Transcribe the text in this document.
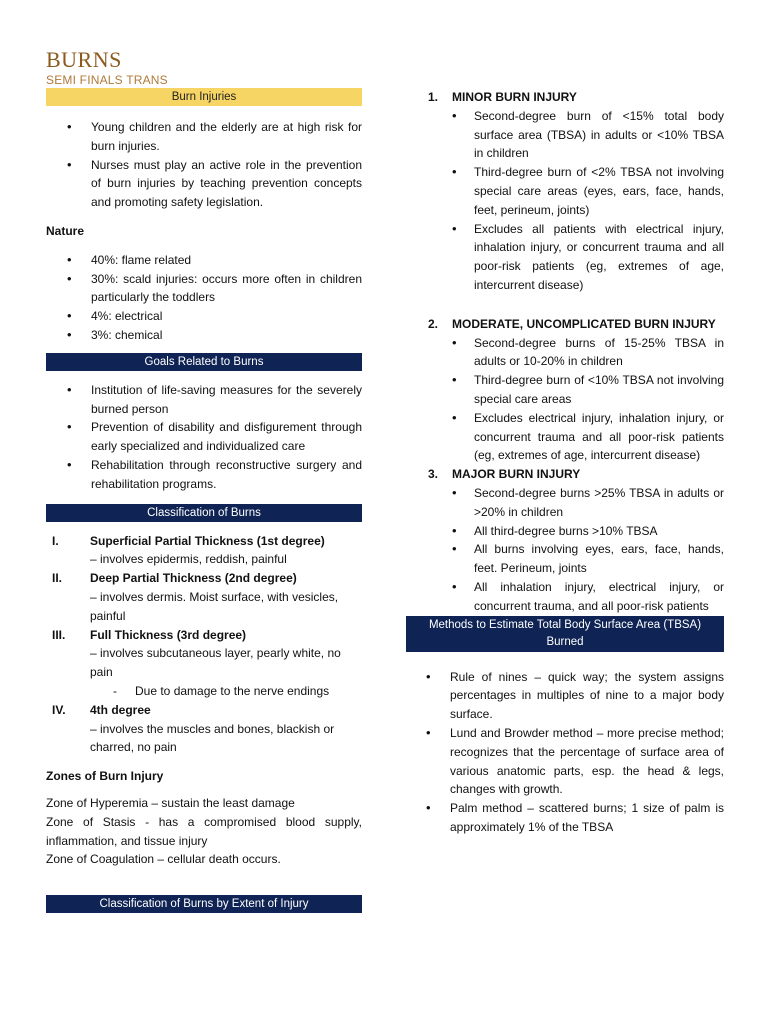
BURNS
SEMI FINALS TRANS
Burn Injuries
• Young children and the elderly are at high risk for burn injuries.
• Nurses must play an active role in the prevention of burn injuries by teaching prevention concepts and promoting safety legislation.

Nature

• 40%: flame related
• 30%: scald injuries: occurs more often in children particularly the toddlers
• 4%: electrical
• 3%: chemical
Goals Related to Burns
• Institution of life-saving measures for the severely burned person
• Prevention of disability and disfigurement through early specialized and individualized care
• Rehabilitation through reconstructive surgery and rehabilitation programs.
Classification of Burns
I.	Superficial Partial Thickness (1st degree)
– involves epidermis, reddish, painful
II. Deep Partial Thickness (2nd degree)
– involves dermis. Moist surface, with vesicles, painful
III. Full Thickness (3rd degree)
– involves subcutaneous layer, pearly white, no pain
- Due to damage to the nerve endings
IV. 4th degree
– involves the muscles and bones, blackish or charred, no pain

Zones of Burn Injury

Zone of Hyperemia – sustain the least damage
Zone of Stasis - has a compromised blood supply, inflammation, and tissue injury
Zone of Coagulation – cellular death occurs.
Classification of Burns by Extent of Injury
1. MINOR BURN INJURY
• Second-degree burn of <15% total body surface area (TBSA) in adults or <10% TBSA in children
• Third-degree burn of <2% TBSA not involving special care areas (eyes, ears, face, hands, feet, perineum, joints)
• Excludes all patients with electrical injury, inhalation injury, or concurrent trauma and all poor-risk patients (eg, extremes of age, intercurrent disease)
2. MODERATE, UNCOMPLICATED BURN INJURY
• Second-degree burns of 15-25% TBSA in adults or 10-20% in children
• Third-degree burn of <10% TBSA not involving special care areas
• Excludes electrical injury, inhalation injury, or concurrent trauma and all poor-risk patients (eg, extremes of age, intercurrent disease)
3. MAJOR BURN INJURY
• Second-degree burns >25% TBSA in adults or >20% in children
• All third-degree burns >10% TBSA
• All burns involving eyes, ears, face, hands, feet. Perineum, joints
• All inhalation injury, electrical injury, or concurrent trauma, and all poor-risk patients
Methods to Estimate Total Body Surface Area (TBSA) Burned
• Rule of nines – quick way; the system assigns percentages in multiples of nine to a major body surface.
• Lund and Browder method – more precise method; recognizes that the percentage of surface area of various anatomic parts, esp. the head & legs, changes with growth.
• Palm method – scattered burns; 1 size of palm is approximately 1% of the TBSA
